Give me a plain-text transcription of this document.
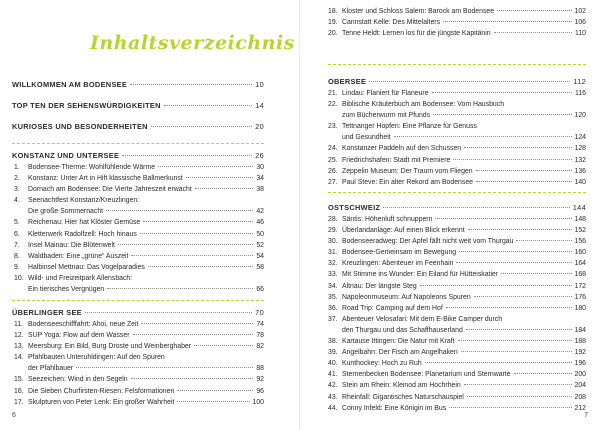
Inhaltsverzeichnis
WILLKOMMEN AM BODENSEE	10
TOP TEN DER SEHENSWÜRDIGKEITEN	14
KURIOSES UND BESONDERHEITEN	20
KONSTANZ UND UNTERSEE	26
1.	Bodensee-Therme: Wohlfühlende Wärme	30
2.	Konstanz: Unter Art in Hift klassische Ballmerkunst	34
3.	Dornach am Bodensee: Die Vierte Jahreszeit erwacht	38
4.	Seenachtfest Konstanz/Kreuzlingen:
Die große Sommernacht	42
5.	Reichenau: Hier hat Klöster Gemüse	46
6.	Kletterwerk Radolfzell: Hoch hinaus	50
7.	Insel Mainau: Die Blütenwelt	52
8.	Waldbaden: Eine „grüne“ Auszeit	54
9.	Halbinsel Mettnau: Das Vogelparadies	58
10. Wild- und Freizeitpark Allensbach:
Ein tierisches Vergnügen	66
ÜBERLINGER SEE	70
11. Bodenseeschifffahrt: Ahoi, neue Zeit	74
12. SUP Yoga: Flow auf dem Wasser	78
13. Meersburg: Ein Bild, Burg Droste und Weinberghaber	82
14. Pfahlbauten Unteruhldingen: Auf den Spuren
der Pfahlbauer	88
15. Seezeichen: Wind in den Segeln	92
16. Die Sieben Churfirsten-Riesen: Felsformationen	96
17. Skulpturen von Peter Lenk: Ein großer Wahrheit	100
6
18. Kloster und Schloss Salem: Barock am Bodensee	102
19. Cannstatt Kelle: Des Mittelalters	106
20. Tenne Heldt: Lernen los für die jüngste Kapitänin	110
OBERSEE	112
21. Lindau: Flaniert für Flaneure	116
22. Biblische Kräuterbuch am Bodensee: Vom Hausbuch
zum Bücherwurm mit Pfunds	120
23. Tettnanger Hopfen: Eine Pflanze für Genuss
und Gesundheit	124
24. Konstanzer Paddeln auf den Schussen	128
25. Friedrichshafen: Stadt mit Premiere	132
26. Zeppelin Museum: Der Traum vom Fliegen	136
27. Paul Steve: Ein alter Rekord am Bodensee	140
OSTSCHWEIZ	144
28. Säntis: Höhenluft schnuppern	148
29. Überlandanlage: Auf einen Blick erkennt	152
30. Bodenseeradweg: Der Apfel fällt nicht weit vom Thurgau	156
31. Bodensee-Gemeinsam im Bewegung	160
32. Kreuzlingen: Abenteuer im Feenhain	164
33. Mit Stimme ins Wunder: Ein Eiland für Hütteiskatier	168
34. Altnau: Der längste Steg	172
35. Napoleonmuseum: Auf Napoleons Spuren	176
36. Road Trip: Camping auf dem Hof	180
37. Abenteuer Velosafari: Mit dem E-Bike Camper durch
den Thurgau und das Schaffhauserland	184
38. Kartause Ittingen: Die Natur mit Kraft	188
39. Angelbahn: Der Fisch am Angelhaken	192
40. Kunthockey: Hoch zu Ruh	196
41. Sternenbecken Bodensee: Planetarium und Sternwarte	200
42. Stein am Rhein: Kleinod am Hochrhein	204
43. Rheinfall: Gigantisches Naturschauspiel	208
44. Conny Infeld: Eine Königin im Bus	212
7
